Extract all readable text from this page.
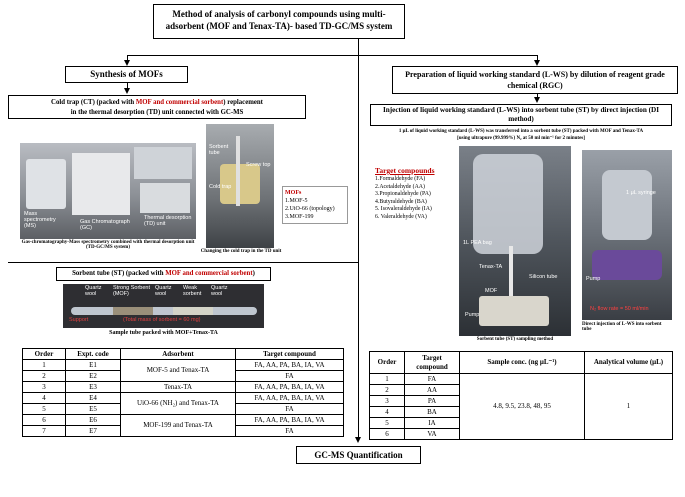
Method of analysis of carbonyl compounds using multi-adsorbent (MOF and Tenax-TA)- based TD-GC/MS system
Synthesis of MOFs
Cold trap (CT) (packed with MOF and commercial sorbent) replacement
in the thermal desorption (TD) unit connected with GC-MS
Mass spectrometry (MS)
Gas Chromatograph (GC)
Thermal desorption (TD) unit
Gas-chromatography-Mass spectrometry combined with thermal desorption unit (TD-GC/MS system)
Sorbent tube
Screw top
Cold trap
Changing the cold trap in the TD unit
MOFs
1.MOF-5
2.UiO-66 (topology)
3.MOF-199
Sorbent tube (ST) (packed with MOF and commercial sorbent)
Quartz wool
Strong Sorbent (MOF)
Quartz wool
Weak sorbent
Quartz wool
Support	(Total mass of sorbent = 60 mg)
Sample tube packed with MOF+Tenax-TA
Order	Expt. code	Adsorbent	Target compound
1	E1	MOF-5 and Tenax-TA	FA, AA, PA, BA, IA, VA
2	E2		FA
3	E3	Tenax-TA	FA, AA, PA, BA, IA, VA
4	E4	UiO-66 (NH₂) and Tenax-TA	FA, AA, PA, BA, IA, VA
5	E5		FA
6	E6	MOF-199 and Tenax-TA	FA, AA, PA, BA, IA, VA
7	E7		FA
Preparation of liquid working standard (L-WS) by dilution of reagent grade chemical (RGC)
Injection of liquid working standard (L-WS) into sorbent tube (ST) by direct injection (DI method)
1 μL of liquid working standard (L-WS) was transferred into a sorbent tube (ST) packed with MOF and Tenax-TA
[using ultrapure (99.999%) N₂ at 50 ml min⁻¹ for 2 minutes]
Target compounds
1.Formaldehyde (FA)
2.Acetaldehyde (AA)
3.Propionaldehyde (PA)
4.Butyraldehyde (BA)
5. Isovaleraldehyde (IA)
6. Valeraldehyde (VA)
1L PEA bag
Tenax-TA
Silicon tube
MOF
Pump
Sorbent tube (ST) sampling method
1 μL syringe
Pump
N₂ flow rate = 50 ml/min
Direct injection of L-WS into sorbent tube
Order	Target compound	Sample conc. (ng μL⁻¹)	Analytical volume (μL)
1	FA	4.8, 9.5, 23.8, 48, 95	1
2	AA		
3	PA		
4	BA		
5	IA		
6	VA		
GC-MS Quantification
